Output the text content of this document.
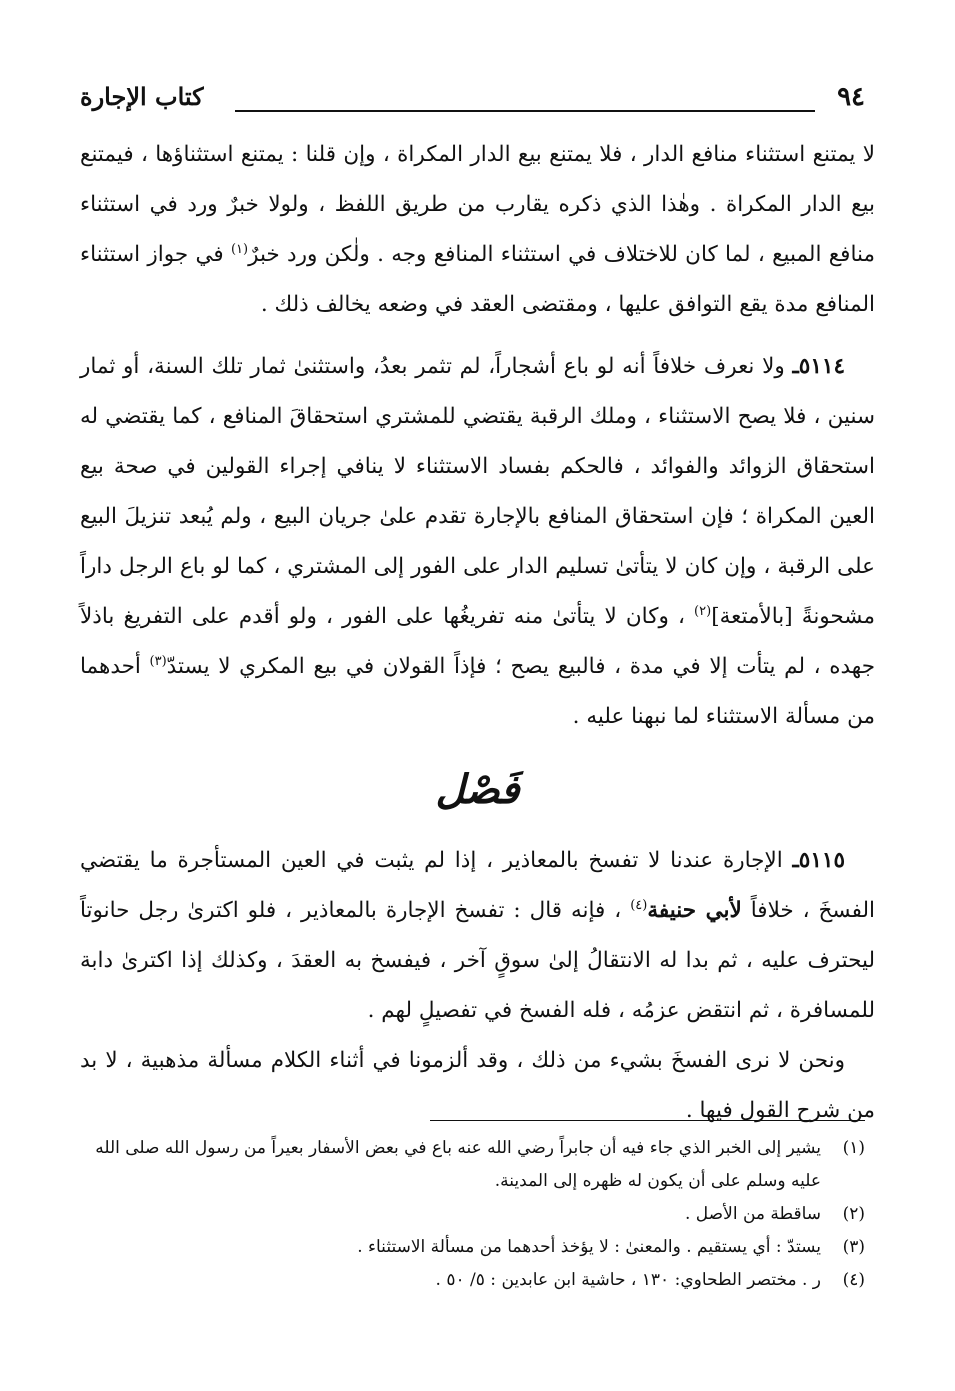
٩٤
كتاب الإجارة

لا يمتنع استثناء منافع الدار ، فلا يمتنع بيع الدار المكراة ، وإن قلنا : يمتنع استثناؤها ، فيمتنع بيع الدار المكراة . وهٰذا الذي ذكره يقارب من طريق اللفظ ، ولولا خبرٌ ورد في استثناء منافع المبيع ، لما كان للاختلاف في استثناء المنافع وجه . ولٰكن ورد خبرٌ$^{(١)}$ في جواز استثناء المنافع مدة يقع التوافق عليها ، ومقتضى العقد في وضعه يخالف ذلك .

٥١١٤ـ ولا نعرف خلافاً أنه لو باع أشجاراً، لم تثمر بعدُ، واستثنىٰ ثمار تلك السنة، أو ثمار سنين ، فلا يصح الاستثناء ، وملك الرقبة يقتضي للمشتري استحقاقَ المنافع ، كما يقتضي له استحقاق الزوائد والفوائد ، فالحكم بفساد الاستثناء لا ينافي إجراء القولين في صحة بيع العين المكراة ؛ فإن استحقاق المنافع بالإجارة تقدم علىٰ جريان البيع ، ولم يُبعد تنزيلَ البيع على الرقبة ، وإن كان لا يتأتىٰ تسليم الدار على الفور إلى المشتري ، كما لو باع الرجل داراً مشحونةً [بالأمتعة]$^{(٢)}$ ، وكان لا يتأتىٰ منه تفريغُها على الفور ، ولو أقدم على التفريغ باذلاً جهده ، لم يتأت إلا في مدة ، فالبيع يصح ؛ فإذاً القولان في بيع المكري لا يستدّ$^{(٣)}$ أحدهما من مسألة الاستثناء لما نبهنا عليه .

فَصْل

٥١١٥ـ الإجارة عندنا لا تفسخ بالمعاذير ، إذا لم يثبت في العين المستأجرة ما يقتضي الفسخَ ، خلافاً لأبي حنيفة$^{(٤)}$ ، فإنه قال : تفسخ الإجارة بالمعاذير ، فلو اكترىٰ رجل حانوتاً ليحترف عليه ، ثم بدا له الانتقالُ إلىٰ سوقٍ آخر ، فيفسخ به العقدَ ، وكذلك إذا اكترىٰ دابة للمسافرة ، ثم انتقض عزمُه ، فله الفسخ في تفصيلٍ لهم .

ونحن لا نرى الفسخَ بشيء من ذلك ، وقد ألزمونا في أثناء الكلام مسألة مذهبية ، لا بد من شرح القول فيها .

(١)
يشير إلى الخبر الذي جاء فيه أن جابراً رضي الله عنه باع في بعض الأسفار بعيراً من رسول الله صلى الله عليه وسلم على أن يكون له ظهره إلى المدينة.
(٢)
ساقطة من الأصل .
(٣)
يستدّ : أي يستقيم . والمعنىٰ : لا يؤخذ أحدهما من مسألة الاستثناء .
(٤)
ر . مختصر الطحاوي: ١٣٠ ، حاشية ابن عابدين : ٥/ ٥٠ .
